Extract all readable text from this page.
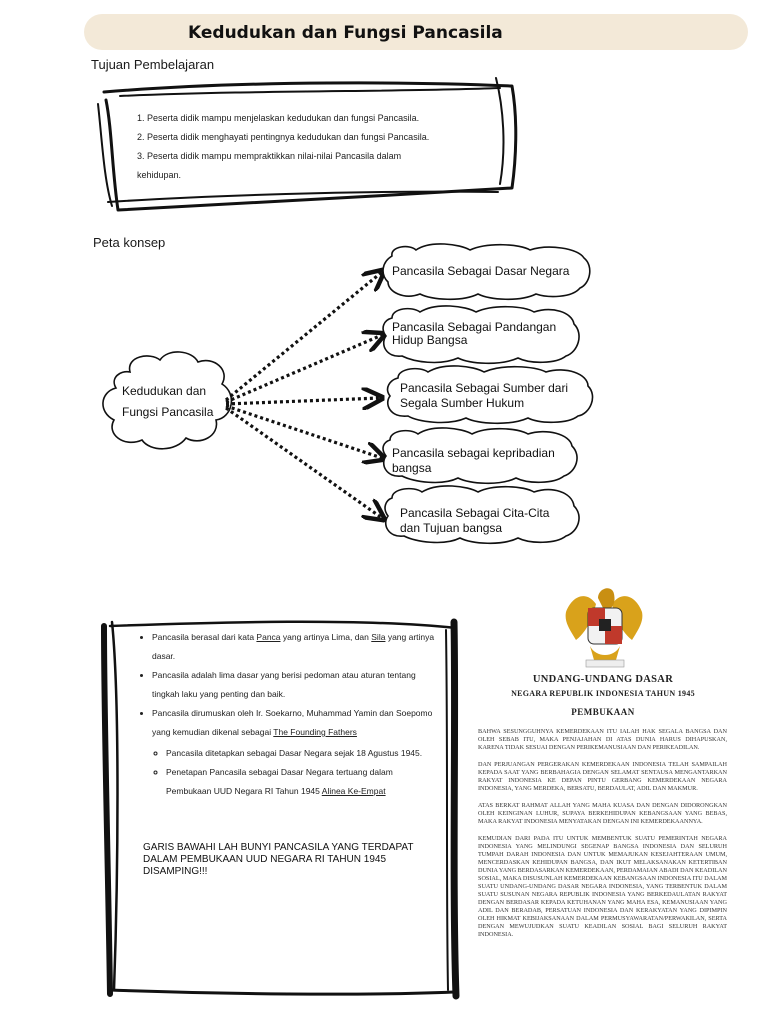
Kedudukan dan Fungsi Pancasila
Tujuan Pembelajaran
1. Peserta didik mampu menjelaskan kedudukan dan fungsi Pancasila.
2. Peserta didik menghayati pentingnya kedudukan dan fungsi Pancasila.
3. Peserta didik mampu mempraktikkan nilai-nilai Pancasila dalam
kehidupan.
Peta konsep
Kedudukan dan
Fungsi Pancasila
Pancasila Sebagai Dasar Negara
Pancasila Sebagai Pandangan
Hidup Bangsa
Pancasila Sebagai Sumber dari
Segala Sumber Hukum
Pancasila sebagai kepribadian
bangsa
Pancasila Sebagai Cita-Cita
dan Tujuan bangsa
• Pancasila berasal dari kata Panca yang artinya Lima, dan Sila yang artinya dasar.
• Pancasila adalah lima dasar yang berisi pedoman atau aturan tentang tingkah laku yang penting dan baik.
• Pancasila dirumuskan oleh Ir. Soekarno, Muhammad Yamin dan Soepomo yang kemudian dikenal sebagai The Founding Fathers
◦ Pancasila ditetapkan sebagai Dasar Negara sejak 18 Agustus 1945.
◦ Penetapan Pancasila sebagai Dasar Negara tertuang dalam Pembukaan UUD Negara RI Tahun 1945 Alinea Ke-Empat
GARIS BAWAHI LAH BUNYI PANCASILA YANG TERDAPAT DALAM PEMBUKAAN UUD NEGARA RI TAHUN 1945 DISAMPING!!!
UNDANG-UNDANG DASAR
NEGARA REPUBLIK INDONESIA TAHUN 1945
PEMBUKAAN

BAHWA SESUNGGUHNYA KEMERDEKAAN ITU IALAH HAK SEGALA BANGSA DAN OLEH SEBAB ITU, MAKA PENJAJAHAN DI ATAS DUNIA HARUS DIHAPUSKAN, KARENA TIDAK SESUAI DENGAN PERIKEMANUSIAAN DAN PERIKEADILAN.

DAN PERJUANGAN PERGERAKAN KEMERDEKAAN INDONESIA TELAH SAMPAILAH KEPADA SAAT YANG BERBAHAGIA DENGAN SELAMAT SENTAUSA MENGANTARKAN RAKYAT INDONESIA KE DEPAN PINTU GERBANG KEMERDEKAAN NEGARA INDONESIA, YANG MERDEKA, BERSATU, BERDAULAT, ADIL DAN MAKMUR.

ATAS BERKAT RAHMAT ALLAH YANG MAHA KUASA DAN DENGAN DIDORONGKAN OLEH KEINGINAN LUHUR, SUPAYA BERKEHIDUPAN KEBANGSAAN YANG BEBAS, MAKA RAKYAT INDONESIA MENYATAKAN DENGAN INI KEMERDEKAANNYA.

KEMUDIAN DARI PADA ITU UNTUK MEMBENTUK SUATU PEMERINTAH NEGARA INDONESIA YANG MELINDUNGI SEGENAP BANGSA INDONESIA DAN SELURUH TUMPAH DARAH INDONESIA DAN UNTUK MEMAJUKAN KESEJAHTERAAN UMUM, MENCERDASKAN KEHIDUPAN BANGSA, DAN IKUT MELAKSANAKAN KETERTIBAN DUNIA YANG BERDASARKAN KEMERDEKAAN, PERDAMAIAN ABADI DAN KEADILAN SOSIAL, MAKA DISUSUNLAH KEMERDEKAAN KEBANGSAAN INDONESIA ITU DALAM SUATU UNDANG-UNDANG DASAR NEGARA INDONESIA, YANG TERBENTUK DALAM SUATU SUSUNAN NEGARA REPUBLIK INDONESIA YANG BERKEDAULATAN RAKYAT DENGAN BERDASAR KEPADA KETUHANAN YANG MAHA ESA, KEMANUSIAAN YANG ADIL DAN BERADAB, PERSATUAN INDONESIA DAN KERAKYATAN YANG DIPIMPIN OLEH HIKMAT KEBIJAKSANAAN DALAM PERMUSYAWARATAN/PERWAKILAN, SERTA DENGAN MEWUJUDKAN SUATU KEADILAN SOSIAL BAGI SELURUH RAKYAT INDONESIA.
